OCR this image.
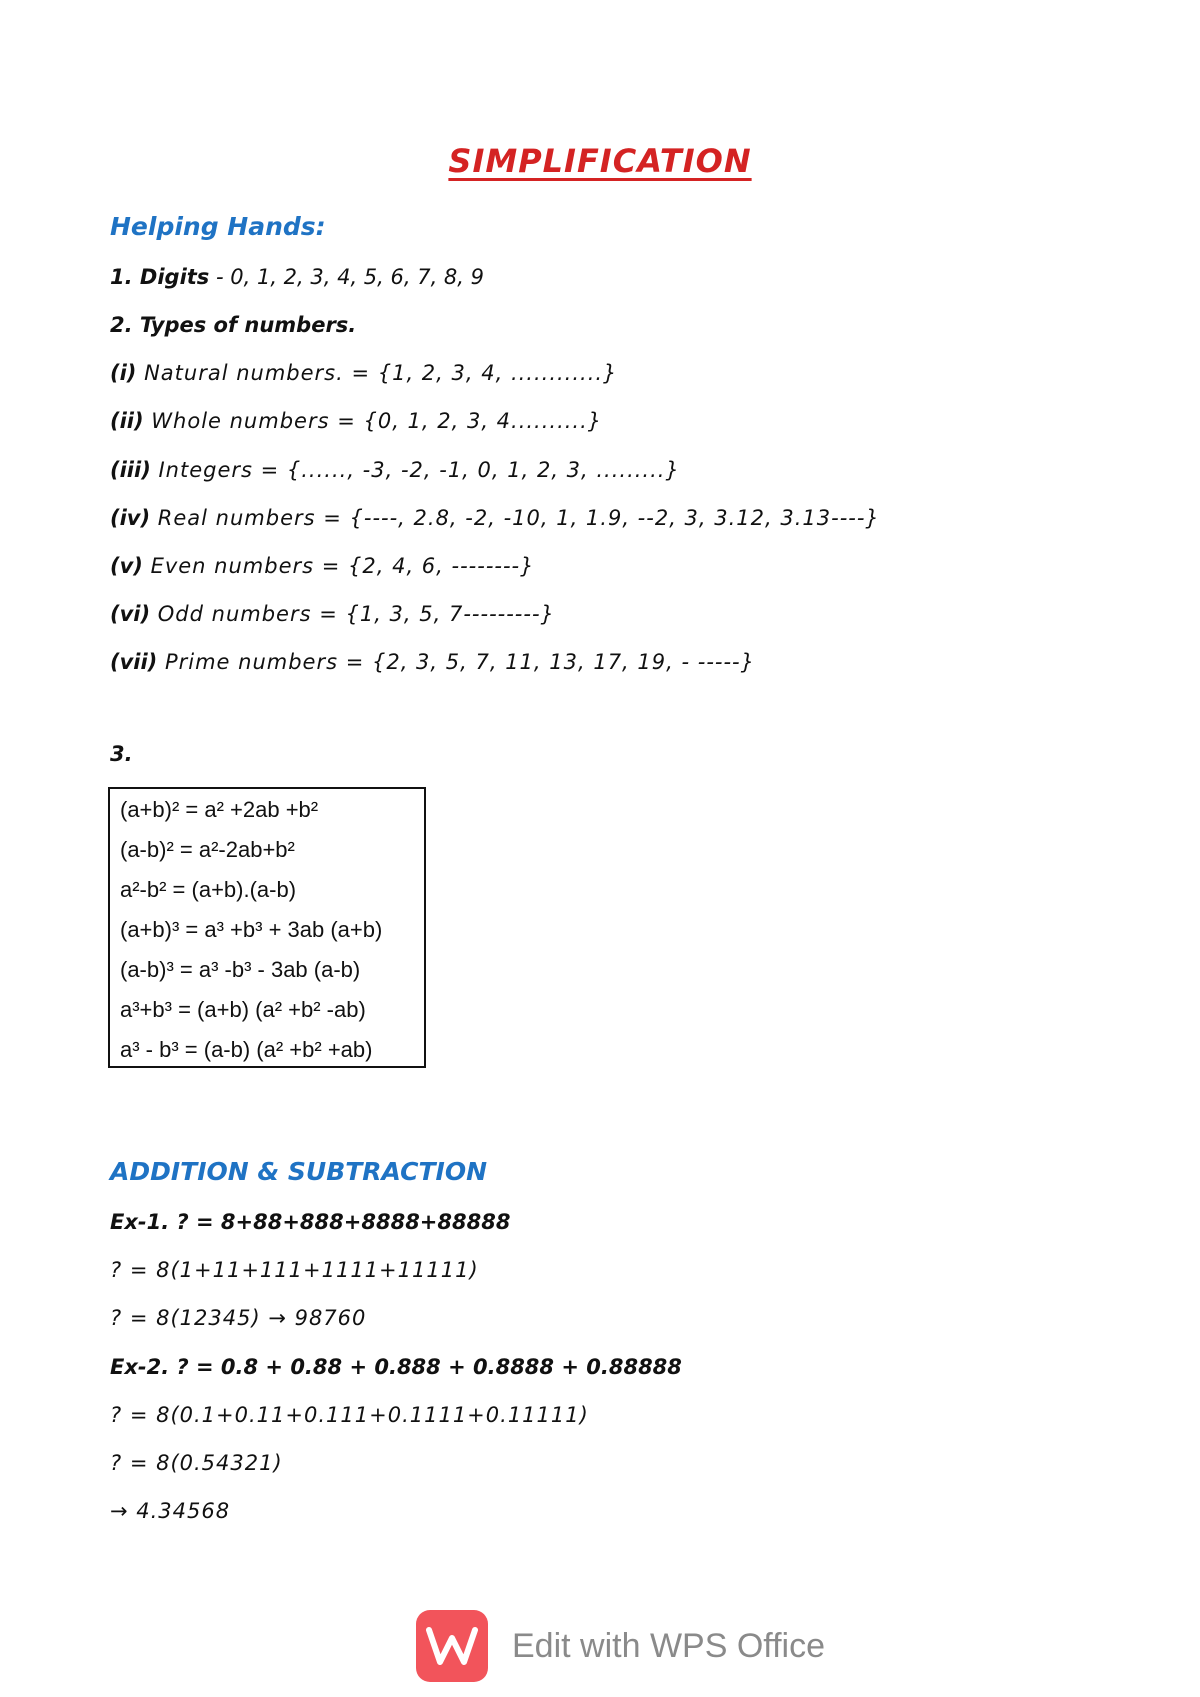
SIMPLIFICATION
Helping Hands:
1. Digits - 0, 1, 2, 3, 4, 5, 6, 7, 8, 9
2. Types of numbers.
(i) Natural numbers. = {1, 2, 3, 4, ............}
(ii) Whole numbers = {0, 1, 2, 3, 4..........}
(iii) Integers = {......, -3, -2, -1, 0, 1, 2, 3, .........}
(iv) Real numbers = {----, 2.8, -2, -10, 1, 1.9, --2, 3, 3.12, 3.13----}
(v) Even numbers = {2, 4, 6, --------}
(vi) Odd numbers = {1, 3, 5, 7---------}
(vii) Prime numbers = {2, 3, 5, 7, 11, 13, 17, 19, - -----}
3.
(a+b)² = a² +2ab +b²
(a-b)² = a²-2ab+b²
a²-b² = (a+b).(a-b)
(a+b)³ = a³ +b³ + 3ab (a+b)
(a-b)³ = a³ -b³ - 3ab (a-b)
a³+b³ = (a+b) (a² +b² -ab)
a³ - b³ = (a-b) (a² +b² +ab)
ADDITION & SUBTRACTION
Ex-1. ? = 8+88+888+8888+88888
? = 8(1+11+111+1111+11111)
? = 8(12345) → 98760
Ex-2. ? = 0.8 + 0.88 + 0.888 + 0.8888 + 0.88888
? = 8(0.1+0.11+0.111+0.1111+0.11111)
? = 8(0.54321)
→ 4.34568
Edit with WPS Office
